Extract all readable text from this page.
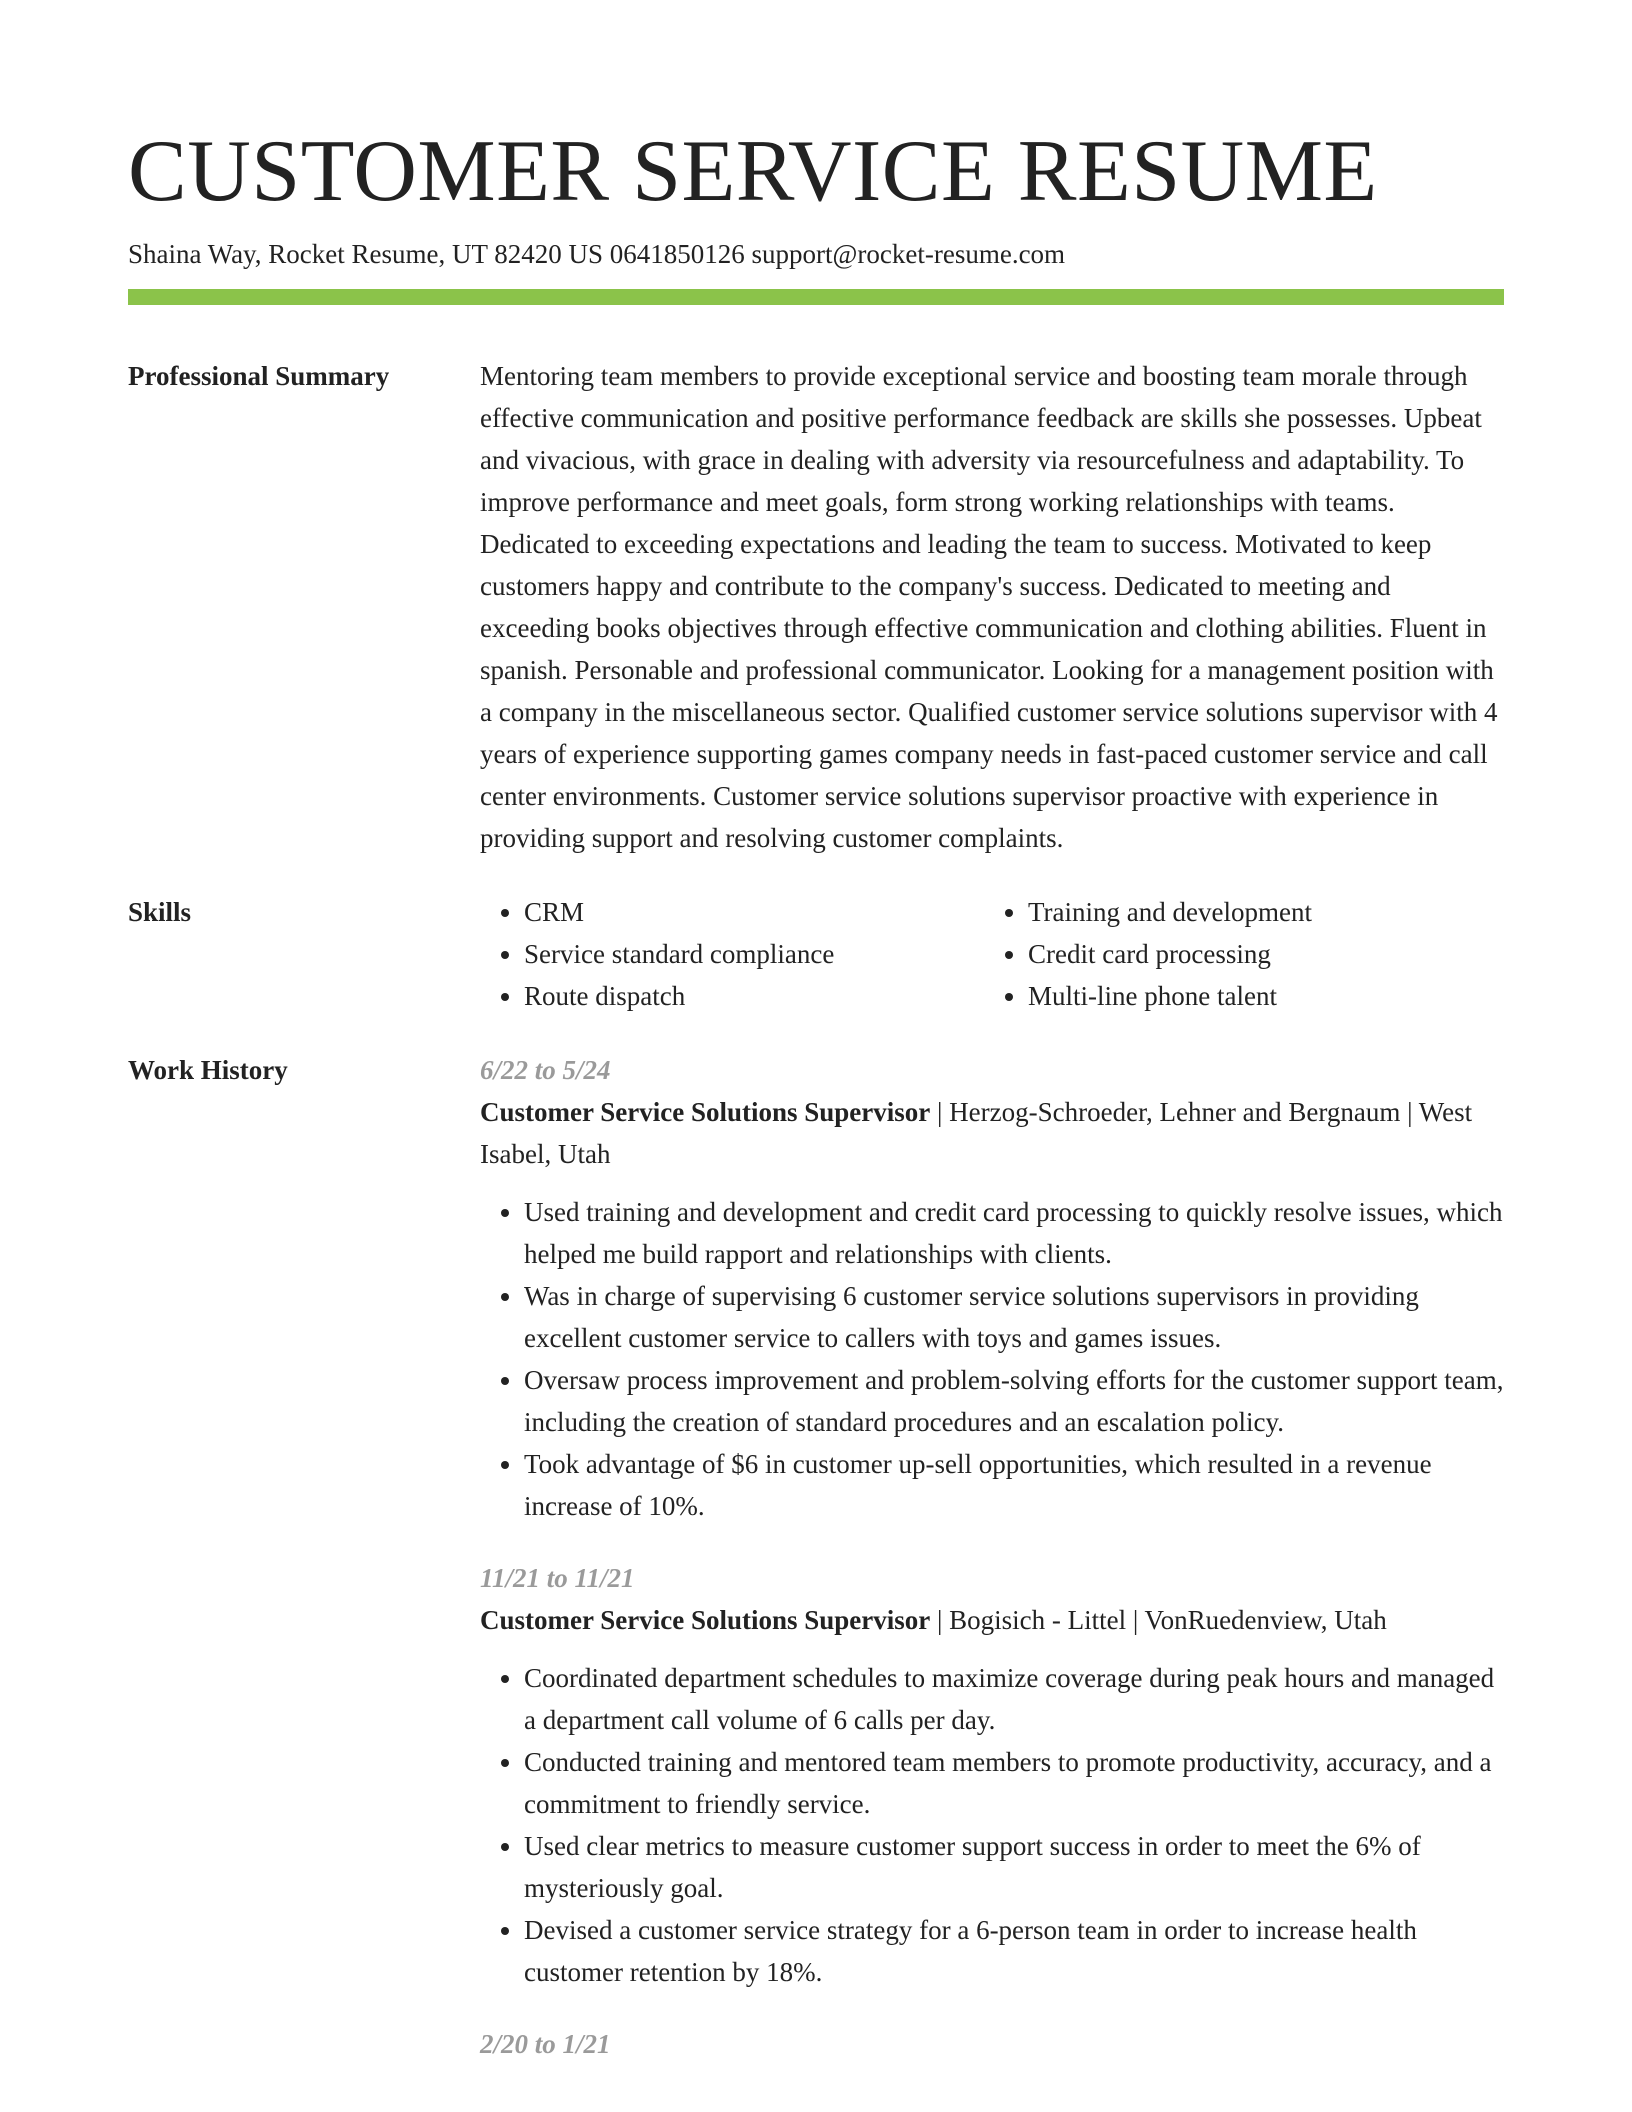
CUSTOMER SERVICE RESUME
Shaina Way, Rocket Resume, UT 82420 US 0641850126 support@rocket-resume.com
Professional Summary	Mentoring team members to provide exceptional service and boosting team morale through effective communication and positive performance feedback are skills she possesses. Upbeat and vivacious, with grace in dealing with adversity via resourcefulness and adaptability. To improve performance and meet goals, form strong working relationships with teams. Dedicated to exceeding expectations and leading the team to success. Motivated to keep customers happy and contribute to the company's success. Dedicated to meeting and exceeding books objectives through effective communication and clothing abilities. Fluent in spanish. Personable and professional communicator. Looking for a management position with a company in the miscellaneous sector. Qualified customer service solutions supervisor with 4 years of experience supporting games company needs in fast-paced customer service and call center environments. Customer service solutions supervisor proactive with experience in providing support and resolving customer complaints.
Skills
•	CRM
• Service standard compliance
• Route dispatch
• Training and development
• Credit card processing
• Multi-line phone talent
Work History	6/22 to 5/24
Customer Service Solutions Supervisor | Herzog-Schroeder, Lehner and Bergnaum | West Isabel, Utah
• Used training and development and credit card processing to quickly resolve issues, which helped me build rapport and relationships with clients.
• Was in charge of supervising 6 customer service solutions supervisors in providing excellent customer service to callers with toys and games issues.
• Oversaw process improvement and problem-solving efforts for the customer support team, including the creation of standard procedures and an escalation policy.
• Took advantage of $6 in customer up-sell opportunities, which resulted in a revenue increase of 10%.
11/21 to 11/21
Customer Service Solutions Supervisor | Bogisich - Littel | VonRuedenview, Utah
• Coordinated department schedules to maximize coverage during peak hours and managed a department call volume of 6 calls per day.
• Conducted training and mentored team members to promote productivity, accuracy, and a commitment to friendly service.
• Used clear metrics to measure customer support success in order to meet the 6% of mysteriously goal.
• Devised a customer service strategy for a 6-person team in order to increase health customer retention by 18%.
2/20 to 1/21
